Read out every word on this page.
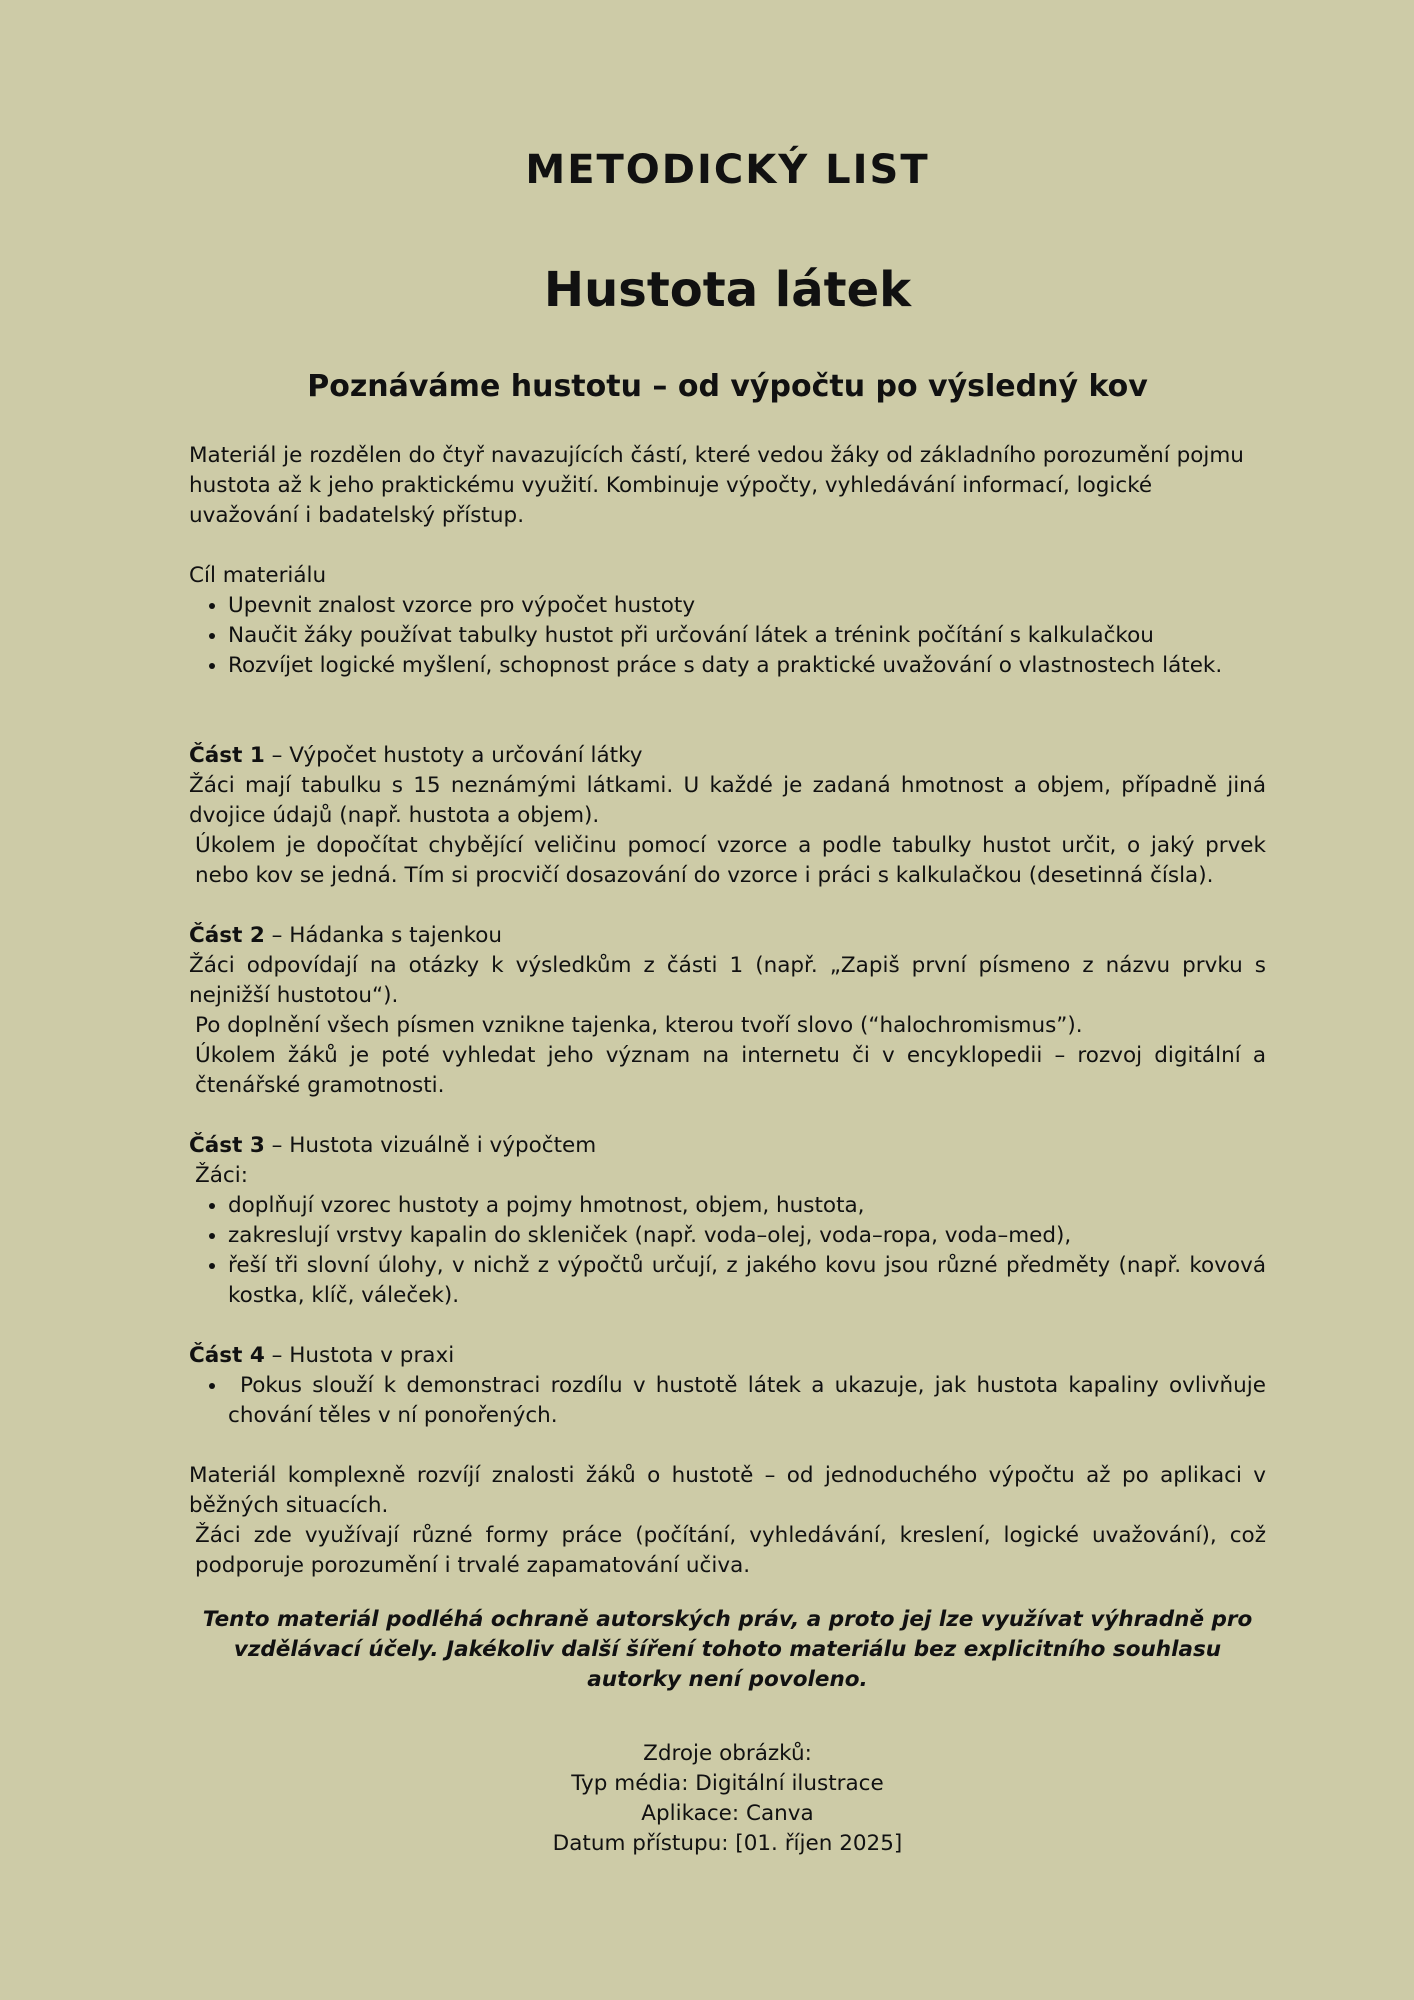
METODICKÝ LIST
Hustota látek
Poznáváme hustotu – od výpočtu po výsledný kov

Materiál je rozdělen do čtyř navazujících částí, které vedou žáky od základního porozumění pojmu hustota až k jeho praktickému využití. Kombinuje výpočty, vyhledávání informací, logické uvažování i badatelský přístup.

Cíl materiálu

• Upevnit znalost vzorce pro výpočet hustoty
• Naučit žáky používat tabulky hustot při určování látek a trénink počítání s kalkulačkou
• Rozvíjet logické myšlení, schopnost práce s daty a praktické uvažování o vlastnostech látek.

Část 1 – Výpočet hustoty a určování látky

Žáci mají tabulku s 15 neznámými látkami. U každé je zadaná hmotnost a objem, případně jiná dvojice údajů (např. hustota a objem).

Úkolem je dopočítat chybějící veličinu pomocí vzorce a podle tabulky hustot určit, o jaký prvek nebo kov se jedná. Tím si procvičí dosazování do vzorce i práci s kalkulačkou (desetinná čísla).

Část 2 – Hádanka s tajenkou

Žáci odpovídají na otázky k výsledkům z části 1 (např. „Zapiš první písmeno z názvu prvku s nejnižší hustotou“).

Po doplnění všech písmen vznikne tajenka, kterou tvoří slovo (“halochromismus”).

Úkolem žáků je poté vyhledat jeho význam na internetu či v encyklopedii – rozvoj digitální a čtenářské gramotnosti.

Část 3 – Hustota vizuálně i výpočtem

Žáci:

• doplňují vzorec hustoty a pojmy hmotnost, objem, hustota,
• zakreslují vrstvy kapalin do skleniček (např. voda–olej, voda–ropa, voda–med),
• řeší tři slovní úlohy, v nichž z výpočtů určují, z jakého kovu jsou různé předměty (např. kovová kostka, klíč, váleček).

Část 4 – Hustota v praxi

• Pokus slouží k demonstraci rozdílu v hustotě látek a ukazuje, jak hustota kapaliny ovlivňuje chování těles v ní ponořených.

Materiál komplexně rozvíjí znalosti žáků o hustotě – od jednoduchého výpočtu až po aplikaci v běžných situacích.

Žáci zde využívají různé formy práce (počítání, vyhledávání, kreslení, logické uvažování), což podporuje porozumění i trvalé zapamatování učiva.

Tento materiál podléhá ochraně autorských práv, a proto jej lze využívat výhradně pro vzdělávací účely. Jakékoliv další šíření tohoto materiálu bez explicitního souhlasu autorky není povoleno.
Zdroje obrázků:
Typ média: Digitální ilustrace
Aplikace: Canva
Datum přístupu: [01. říjen 2025]
